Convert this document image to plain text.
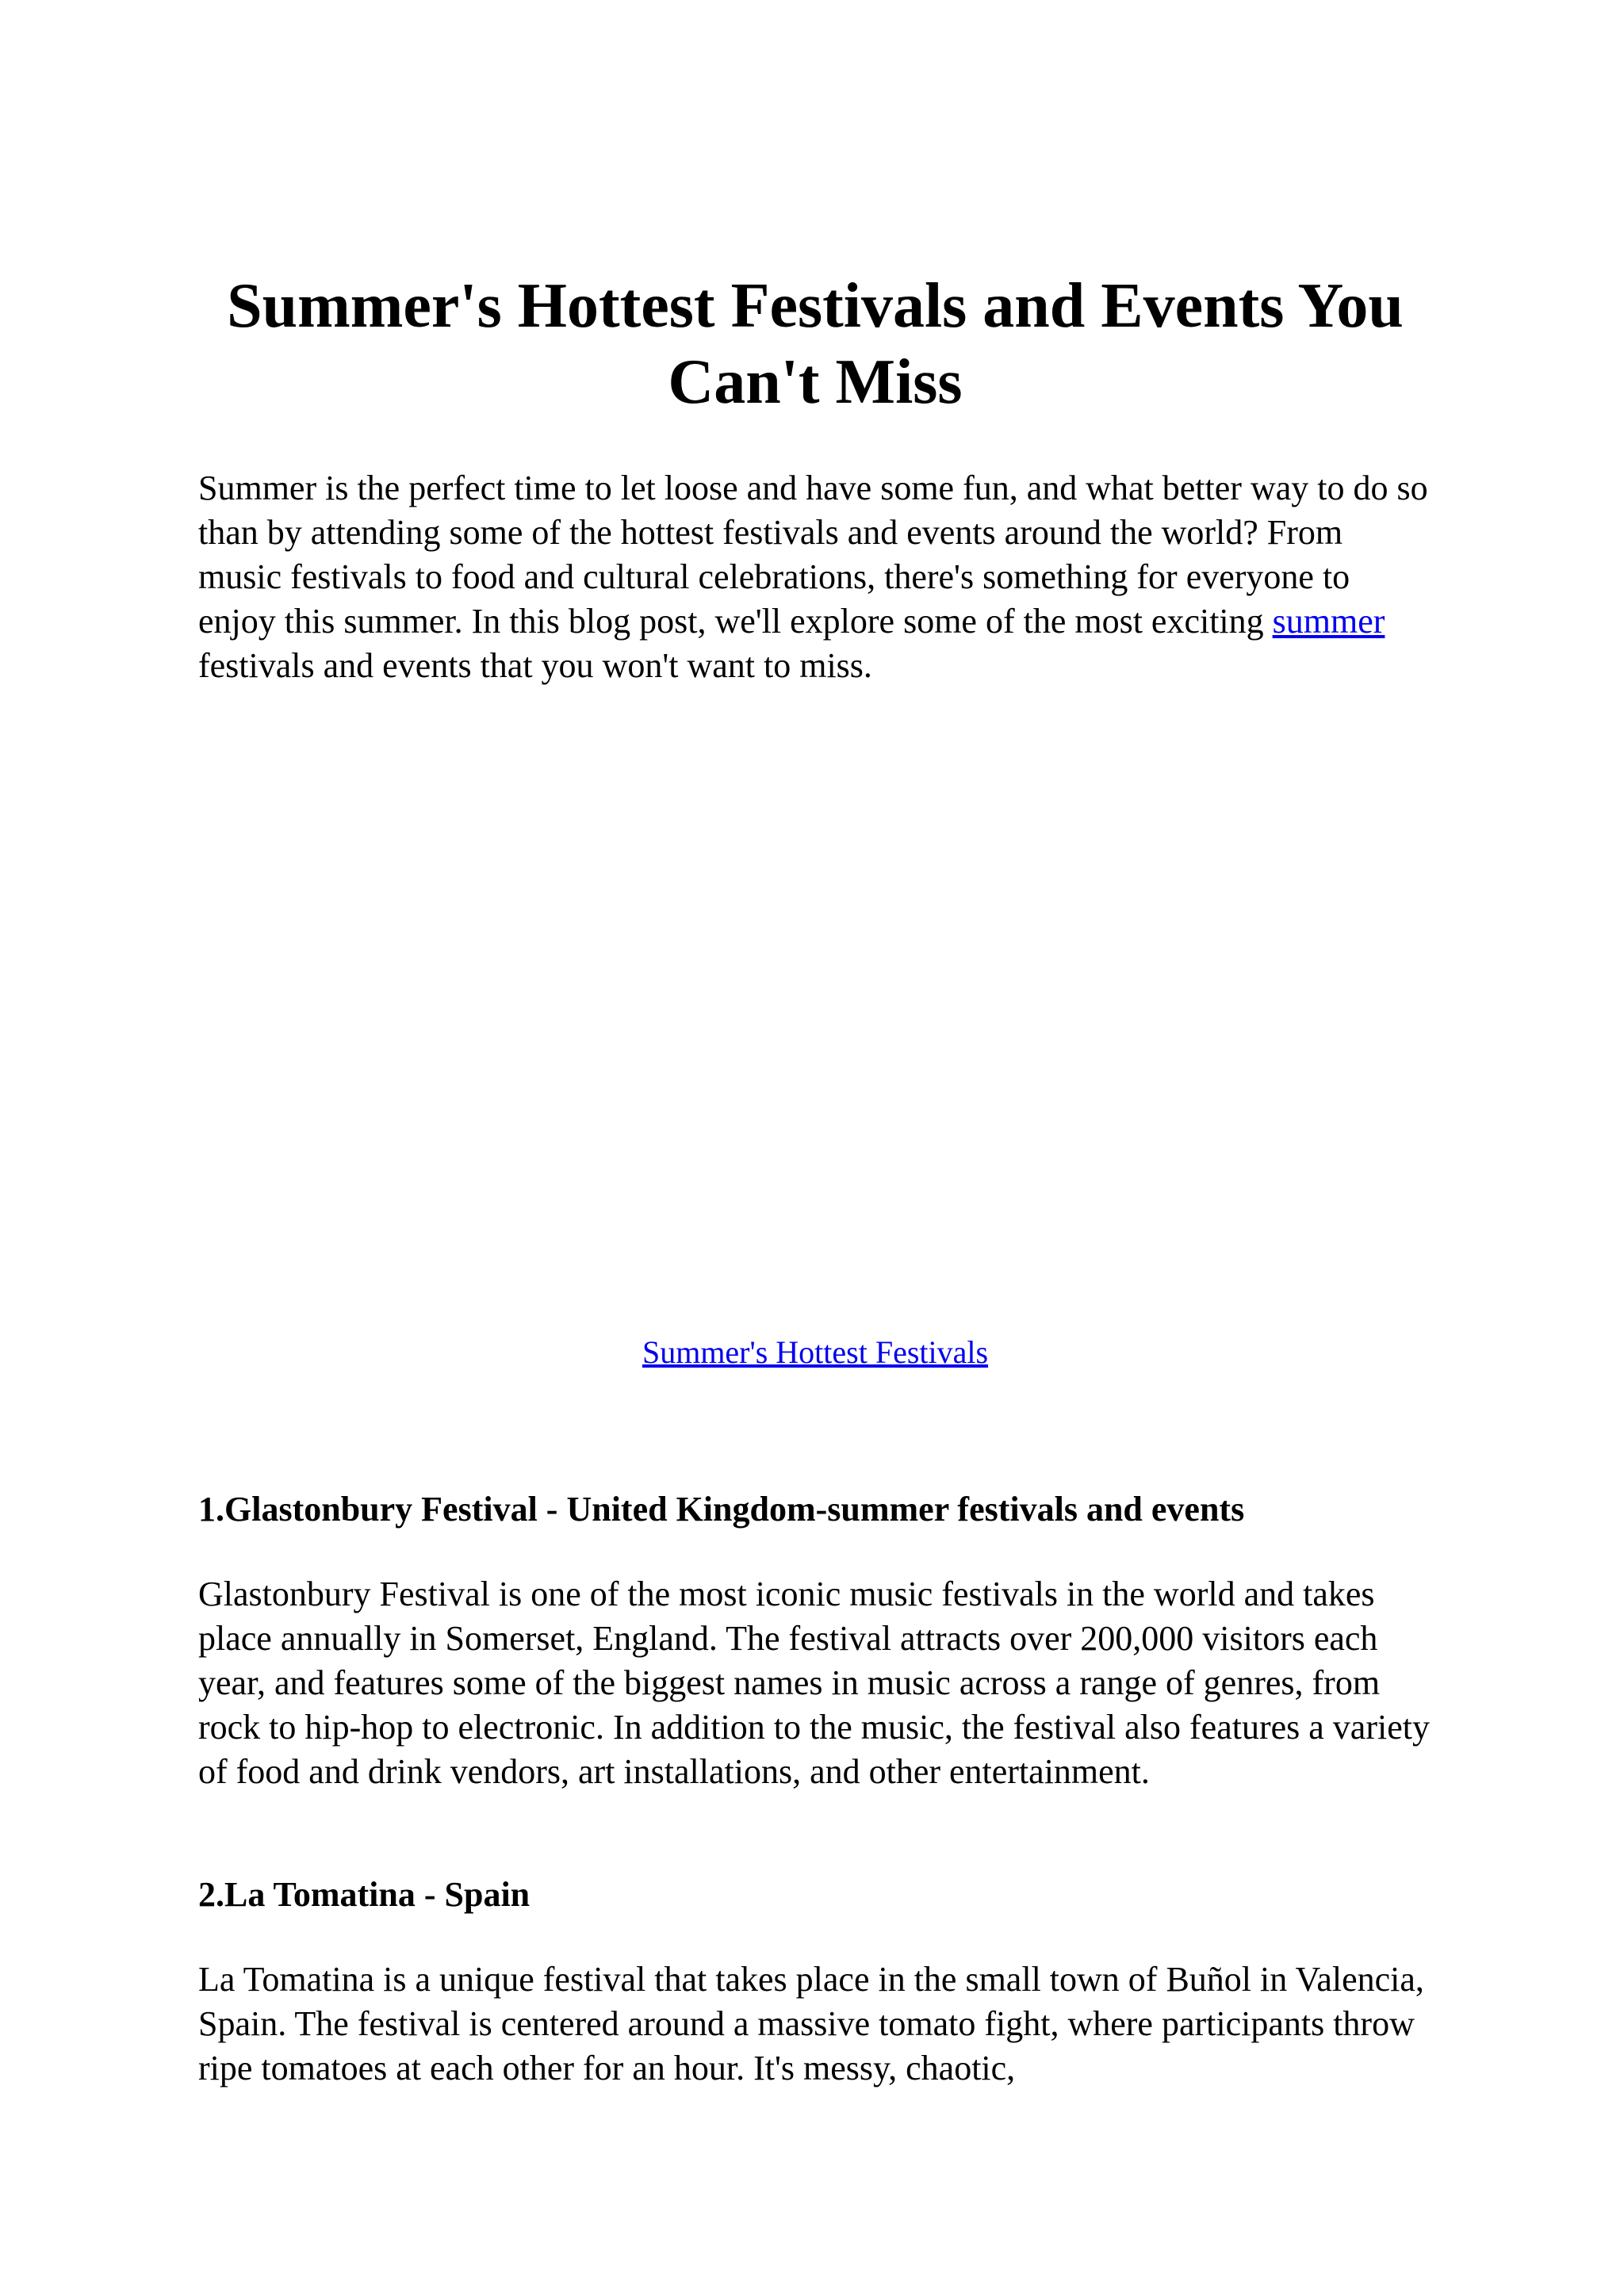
Summer's Hottest Festivals and Events You Can't Miss

Summer is the perfect time to let loose and have some fun, and what better way to do so than by attending some of the hottest festivals and events around the world? From music festivals to food and cultural celebrations, there's something for everyone to enjoy this summer. In this blog post, we'll explore some of the most exciting summer festivals and events that you won't want to miss.

Summer's Hottest Festivals
1.Glastonbury Festival - United Kingdom-summer festivals and events

Glastonbury Festival is one of the most iconic music festivals in the world and takes place annually in Somerset, England. The festival attracts over 200,000 visitors each year, and features some of the biggest names in music across a range of genres, from rock to hip-hop to electronic. In addition to the music, the festival also features a variety of food and drink vendors, art installations, and other entertainment.

2.La Tomatina - Spain

La Tomatina is a unique festival that takes place in the small town of Buñol in Valencia, Spain. The festival is centered around a massive tomato fight, where participants throw ripe tomatoes at each other for an hour. It's messy, chaotic,
